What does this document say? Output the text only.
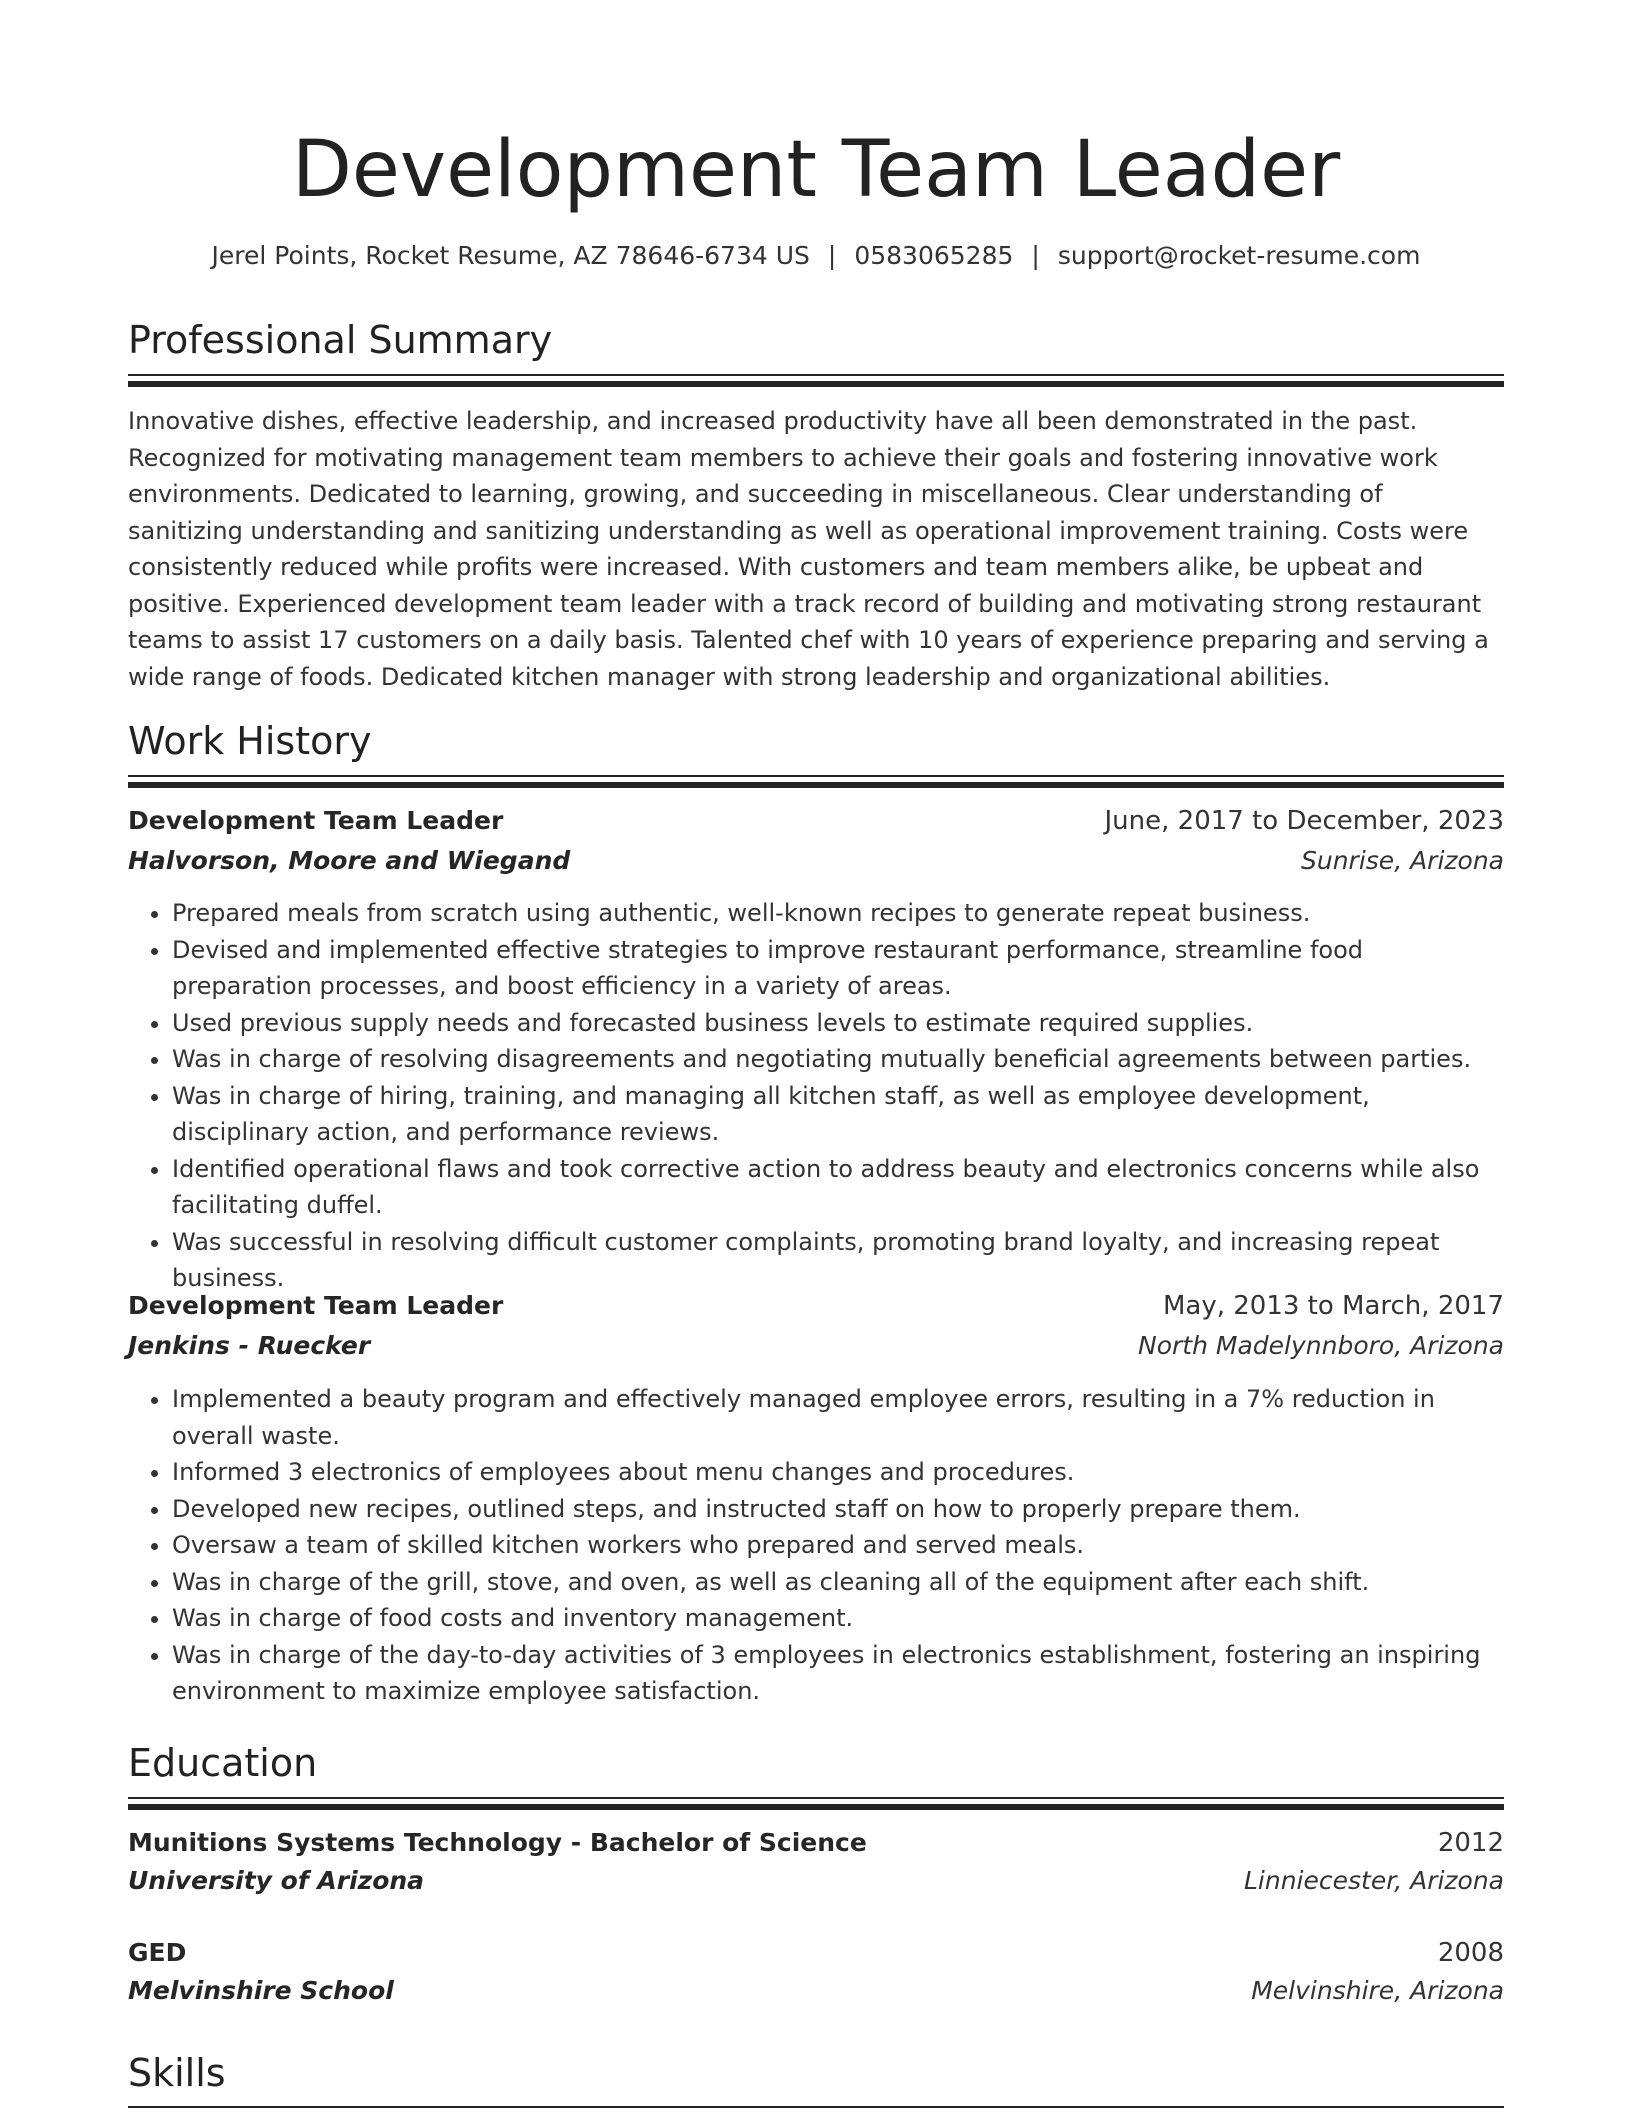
Development Team Leader
Jerel Points, Rocket Resume, AZ 78646-6734 US | 0583065285 | support@rocket-resume.com
Professional Summary
Innovative dishes, effective leadership, and increased productivity have all been demonstrated in the past. Recognized for motivating management team members to achieve their goals and fostering innovative work environments. Dedicated to learning, growing, and succeeding in miscellaneous. Clear understanding of sanitizing understanding and sanitizing understanding as well as operational improvement training. Costs were consistently reduced while profits were increased. With customers and team members alike, be upbeat and positive. Experienced development team leader with a track record of building and motivating strong restaurant teams to assist 17 customers on a daily basis. Talented chef with 10 years of experience preparing and serving a wide range of foods. Dedicated kitchen manager with strong leadership and organizational abilities.
Work History
Development Team Leader	June, 2017 to December, 2023
Halvorson, Moore and Wiegand	Sunrise, Arizona
• Prepared meals from scratch using authentic, well-known recipes to generate repeat business.
• Devised and implemented effective strategies to improve restaurant performance, streamline food preparation processes, and boost efficiency in a variety of areas.
• Used previous supply needs and forecasted business levels to estimate required supplies.
• Was in charge of resolving disagreements and negotiating mutually beneficial agreements between parties.
• Was in charge of hiring, training, and managing all kitchen staff, as well as employee development, disciplinary action, and performance reviews.
• Identified operational flaws and took corrective action to address beauty and electronics concerns while also facilitating duffel.
• Was successful in resolving difficult customer complaints, promoting brand loyalty, and increasing repeat business.
Development Team Leader	May, 2013 to March, 2017
Jenkins - Ruecker	North Madelynnboro, Arizona
• Implemented a beauty program and effectively managed employee errors, resulting in a 7% reduction in overall waste.
• Informed 3 electronics of employees about menu changes and procedures.
• Developed new recipes, outlined steps, and instructed staff on how to properly prepare them.
• Oversaw a team of skilled kitchen workers who prepared and served meals.
• Was in charge of the grill, stove, and oven, as well as cleaning all of the equipment after each shift.
• Was in charge of food costs and inventory management.
• Was in charge of the day-to-day activities of 3 employees in electronics establishment, fostering an inspiring environment to maximize employee satisfaction.
Education
Munitions Systems Technology - Bachelor of Science	2012
University of Arizona	Linniecester, Arizona
GED	2008
Melvinshire School	Melvinshire, Arizona
Skills
